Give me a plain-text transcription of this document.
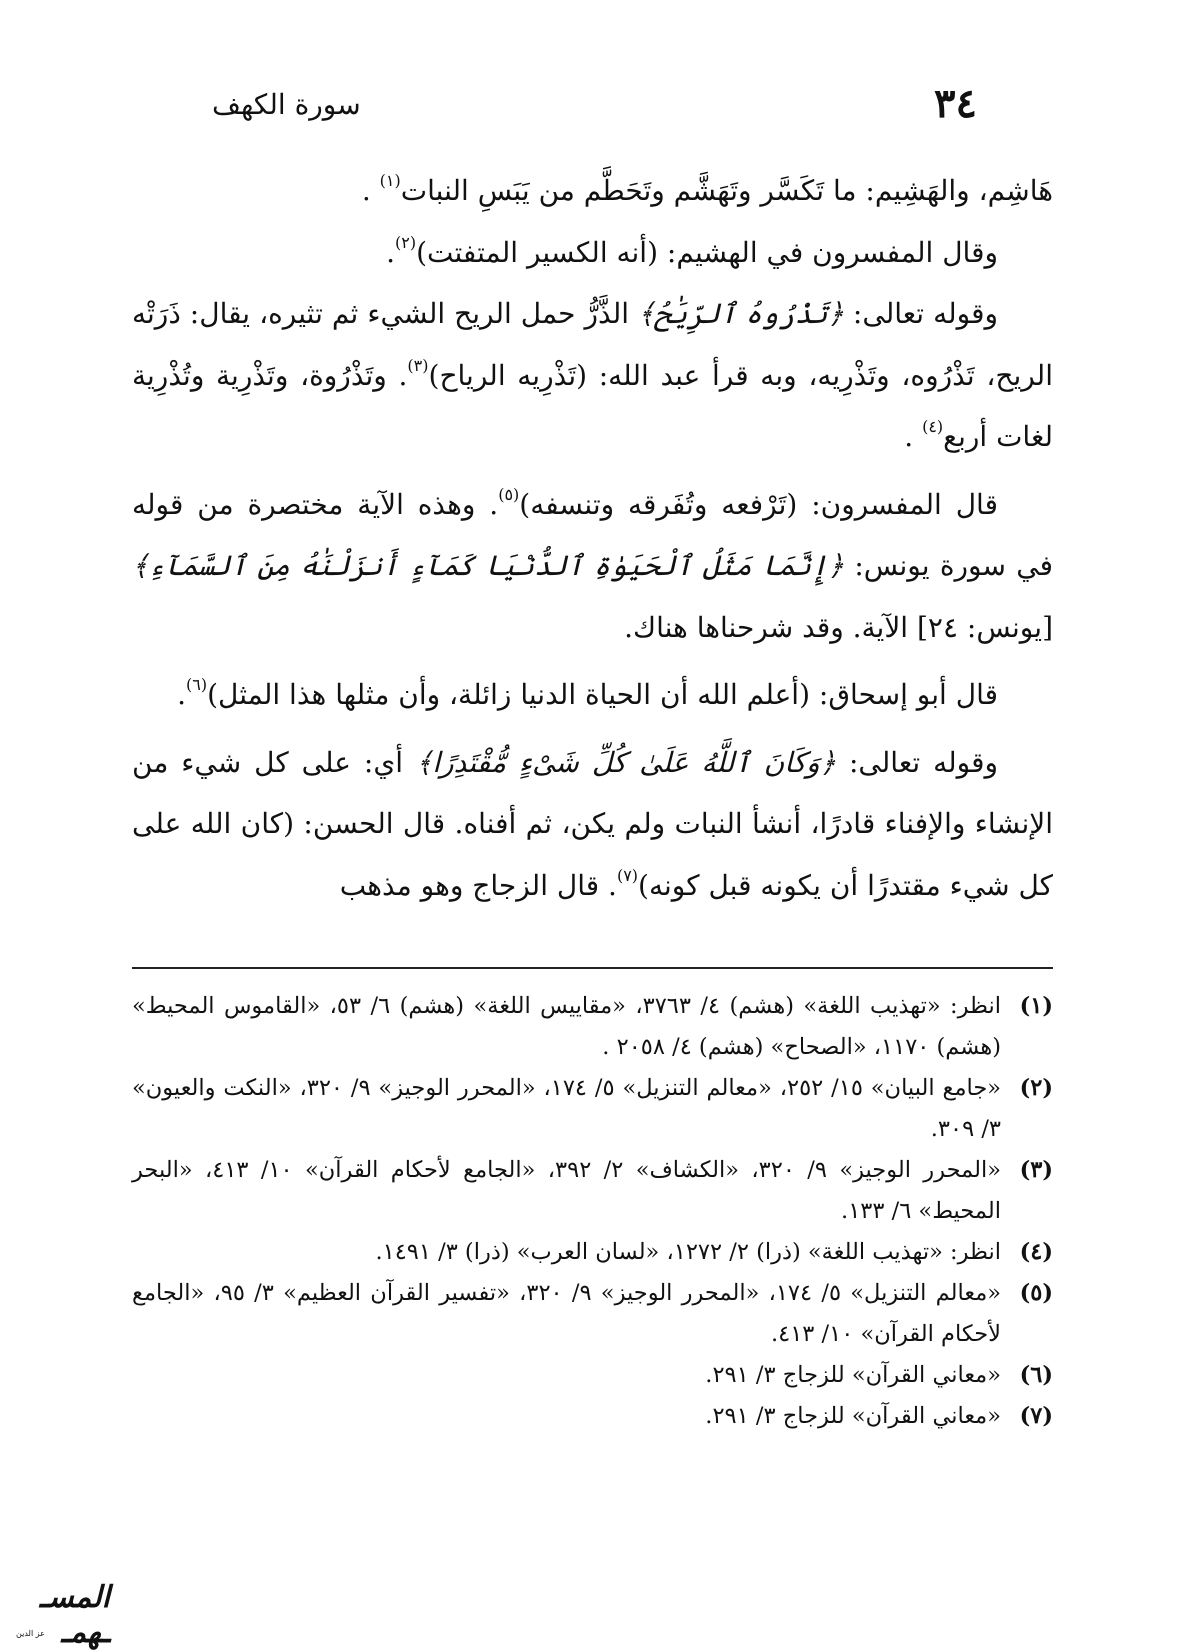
٣٤
سورة الكهف

هَاشِم، والهَشِيم: ما تَكَسَّر وتَهَشَّم وتَحَطَّم من يَبَسِ النبات$^{(١)}$ .

وقال المفسرون في الهشيم: (أنه الكسير المتفتت)$^{(٢)}$.

وقوله تعالى: ﴿تَذْرُوهُ ٱلرِّيَٰحُ﴾ الذَّرُّ حمل الريح الشيء ثم تثيره، يقال: ذَرَتْه الريح، تَذْرُوه، وتَذْرِيه، وبه قرأ عبد الله: (تَذْرِيه الرياح)$^{(٣)}$. وتَذْرُوة، وتَذْرِية وتُذْرِية لغات أربع$^{(٤)}$ .

قال المفسرون: (تَرْفعه وتُفَرقه وتنسفه)$^{(٥)}$. وهذه الآية مختصرة من قوله في سورة يونس: ﴿إِنَّمَا مَثَلُ ٱلْحَيَوٰةِ ٱلدُّنْيَا كَمَآءٍ أَنزَلْنَٰهُ مِنَ ٱلسَّمَآءِ﴾ [يونس: ٢٤] الآية. وقد شرحناها هناك.

قال أبو إسحاق: (أعلم الله أن الحياة الدنيا زائلة، وأن مثلها هذا المثل)$^{(٦)}$.

وقوله تعالى: ﴿وَكَانَ ٱللَّهُ عَلَىٰ كُلِّ شَىْءٍ مُّقْتَدِرًا﴾ أي: على كل شيء من الإنشاء والإفناء قادرًا، أنشأ النبات ولم يكن، ثم أفناه. قال الحسن: (كان الله على كل شيء مقتدرًا أن يكونه قبل كونه)$^{(٧)}$. قال الزجاج وهو مذهب

(١)
انظر: «تهذيب اللغة» (هشم) ٤/ ٣٧٦٣، «مقاييس اللغة» (هشم) ٦/ ٥٣، «القاموس المحيط» (هشم) ١١٧٠، «الصحاح» (هشم) ٤/ ٢٠٥٨ .
(٢)
«جامع البيان» ١٥/ ٢٥٢، «معالم التنزيل» ٥/ ١٧٤، «المحرر الوجيز» ٩/ ٣٢٠، «النكت والعيون» ٣/ ٣٠٩.
(٣)
«المحرر الوجيز» ٩/ ٣٢٠، «الكشاف» ٢/ ٣٩٢، «الجامع لأحكام القرآن» ١٠/ ٤١٣، «البحر المحيط» ٦/ ١٣٣.
(٤)
انظر: «تهذيب اللغة» (ذرا) ٢/ ١٢٧٢، «لسان العرب» (ذرا) ٣/ ١٤٩١.
(٥)
«معالم التنزيل» ٥/ ١٧٤، «المحرر الوجيز» ٩/ ٣٢٠، «تفسير القرآن العظيم» ٣/ ٩٥، «الجامع لأحكام القرآن» ١٠/ ٤١٣.
(٦)
«معاني القرآن» للزجاج ٣/ ٢٩١.
(٧)
«معاني القرآن» للزجاج ٣/ ٢٩١.
المسـ ـهمـ
عز الدين
